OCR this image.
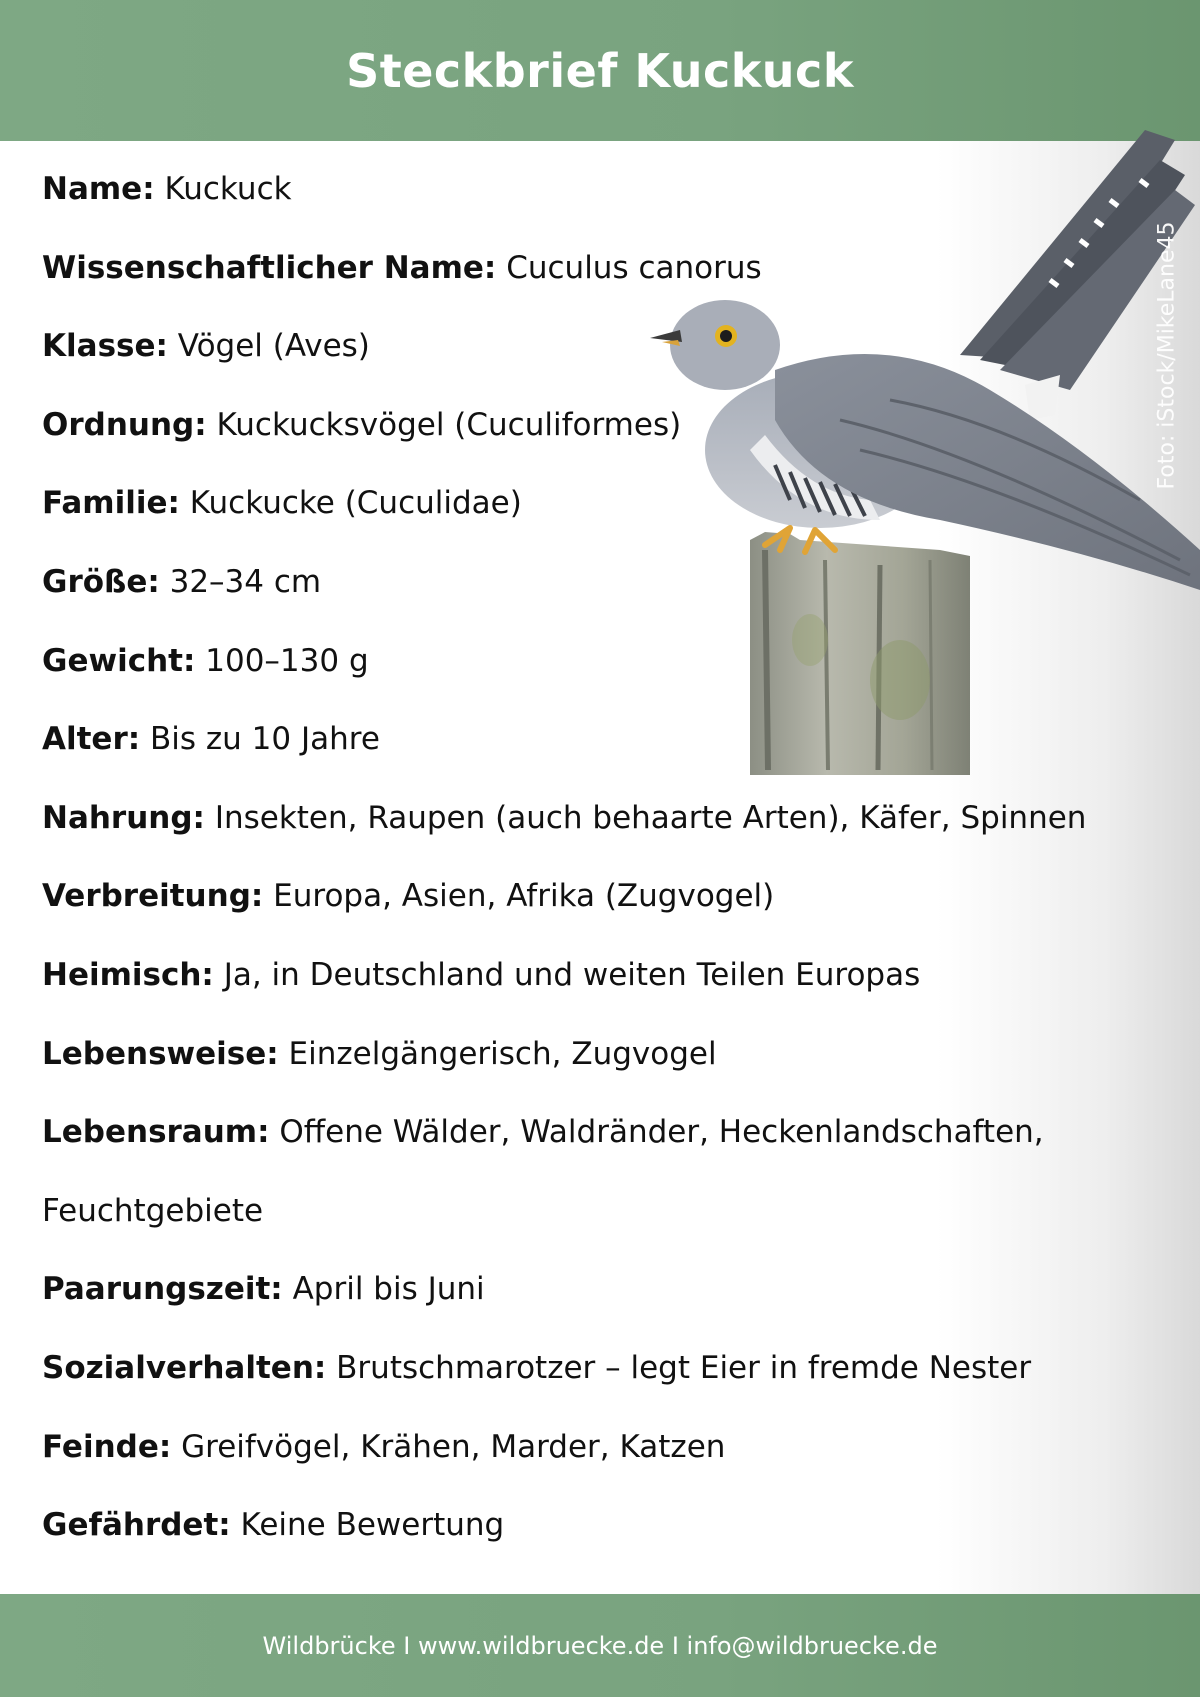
Steckbrief Kuckuck
Foto: iStock/MikeLane45
Name: Kuckuck
Wissenschaftlicher Name: Cuculus canorus
Klasse: Vögel (Aves)
Ordnung: Kuckucksvögel (Cuculiformes)
Familie: Kuckucke (Cuculidae)
Größe: 32–34 cm
Gewicht: 100–130 g
Alter: Bis zu 10 Jahre
Nahrung: Insekten, Raupen (auch behaarte Arten), Käfer, Spinnen
Verbreitung: Europa, Asien, Afrika (Zugvogel)
Heimisch: Ja, in Deutschland und weiten Teilen Europas
Lebensweise: Einzelgängerisch, Zugvogel
Lebensraum: Offene Wälder, Waldränder, Heckenlandschaften,
Feuchtgebiete
Paarungszeit: April bis Juni
Sozialverhalten: Brutschmarotzer – legt Eier in fremde Nester
Feinde: Greifvögel, Krähen, Marder, Katzen
Gefährdet: Keine Bewertung
Wildbrücke I www.wildbruecke.de I info@wildbruecke.de
